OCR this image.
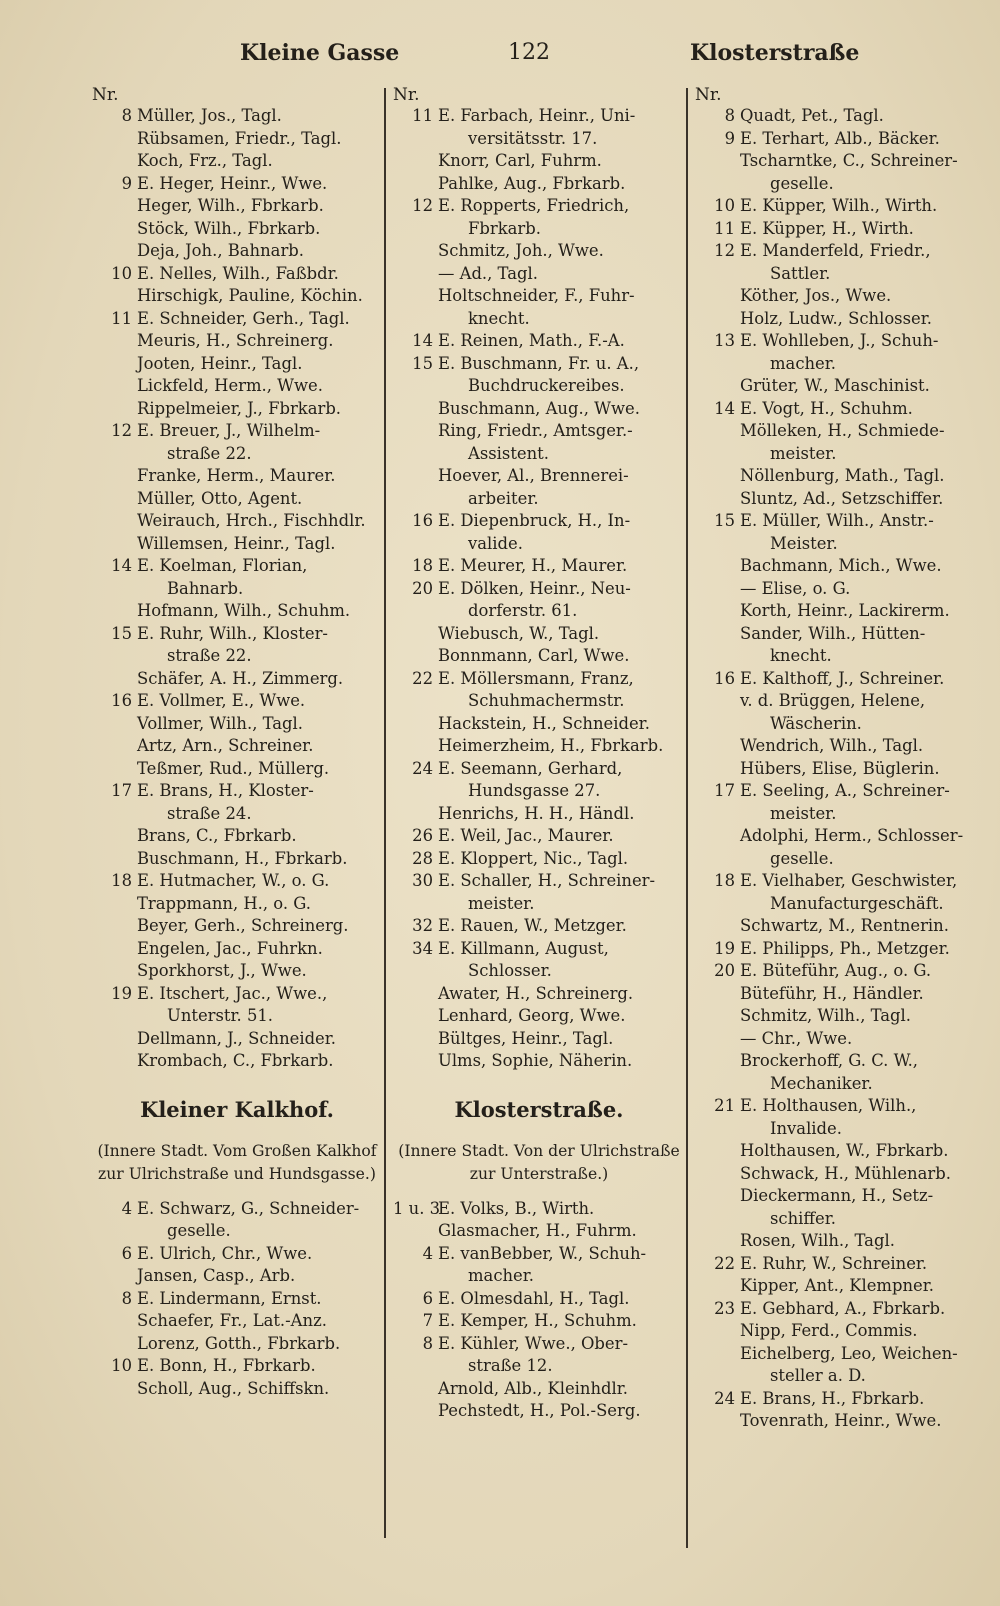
Kleine Gasse	122	Klosterstraße
Nr.
8 Müller, Jos., Tagl.
Rübsamen, Friedr., Tagl.
Koch, Frz., Tagl.
9 E. Heger, Heinr., Wwe.
Heger, Wilh., Fbrkarb.
Stöck, Wilh., Fbrkarb.
Deja, Joh., Bahnarb.
10 E. Nelles, Wilh., Faßbdr.
Hirschigk, Pauline, Köchin.
11 E. Schneider, Gerh., Tagl.
Meuris, H., Schreinerg.
Jooten, Heinr., Tagl.
Lickfeld, Herm., Wwe.
Rippelmeier, J., Fbrkarb.
12 E. Breuer, J., Wilhelm-
straße 22.
Franke, Herm., Maurer.
Müller, Otto, Agent.
Weirauch, Hrch., Fischhdlr.
Willemsen, Heinr., Tagl.
14 E. Koelman, Florian,
Bahnarb.
Hofmann, Wilh., Schuhm.
15 E. Ruhr, Wilh., Kloster-
straße 22.
Schäfer, A. H., Zimmerg.
16 E. Vollmer, E., Wwe.
Vollmer, Wilh., Tagl.
Artz, Arn., Schreiner.
Teßmer, Rud., Müllerg.
17 E. Brans, H., Kloster-
straße 24.
Brans, C., Fbrkarb.
Buschmann, H., Fbrkarb.
18 E. Hutmacher, W., o. G.
Trappmann, H., o. G.
Beyer, Gerh., Schreinerg.
Engelen, Jac., Fuhrkn.
Sporkhorst, J., Wwe.
19 E. Itschert, Jac., Wwe.,
Unterstr. 51.
Dellmann, J., Schneider.
Krombach, C., Fbrkarb.
Kleiner Kalkhof.
(Innere Stadt. Vom Großen Kalkhof zur Ulrichstraße und Hundsgasse.)
4 E. Schwarz, G., Schneider-
geselle.
6 E. Ulrich, Chr., Wwe.
Jansen, Casp., Arb.
8 E. Lindermann, Ernst.
Schaefer, Fr., Lat.-Anz.
Lorenz, Gotth., Fbrkarb.
10 E. Bonn, H., Fbrkarb.
Scholl, Aug., Schiffskn.
Nr.
11 E. Farbach, Heinr., Uni-
versitätsstr. 17.
Knorr, Carl, Fuhrm.
Pahlke, Aug., Fbrkarb.
12 E. Ropperts, Friedrich,
Fbrkarb.
Schmitz, Joh., Wwe.
— Ad., Tagl.
Holtschneider, F., Fuhr-
knecht.
14 E. Reinen, Math., F.-A.
15 E. Buschmann, Fr. u. A.,
Buchdruckereibes.
Buschmann, Aug., Wwe.
Ring, Friedr., Amtsger.-
Assistent.
Hoever, Al., Brennerei-
arbeiter.
16 E. Diepenbruck, H., In-
valide.
18 E. Meurer, H., Maurer.
20 E. Dölken, Heinr., Neu-
dorferstr. 61.
Wiebusch, W., Tagl.
Bonnmann, Carl, Wwe.
22 E. Möllersmann, Franz,
Schuhmachermstr.
Hackstein, H., Schneider.
Heimerzheim, H., Fbrkarb.
24 E. Seemann, Gerhard,
Hundsgasse 27.
Henrichs, H. H., Händl.
26 E. Weil, Jac., Maurer.
28 E. Kloppert, Nic., Tagl.
30 E. Schaller, H., Schreiner-
meister.
32 E. Rauen, W., Metzger.
34 E. Killmann, August,
Schlosser.
Awater, H., Schreinerg.
Lenhard, Georg, Wwe.
Bültges, Heinr., Tagl.
Ulms, Sophie, Näherin.
Klosterstraße.
(Innere Stadt. Von der Ulrichstraße zur Unterstraße.)
1 u. 3E. Volks, B., Wirth.
Glasmacher, H., Fuhrm.
4 E. vanBebber, W., Schuh-
macher.
6 E. Olmesdahl, H., Tagl.
7 E. Kemper, H., Schuhm.
8 E. Kühler, Wwe., Ober-
straße 12.
Arnold, Alb., Kleinhdlr.
Pechstedt, H., Pol.-Serg.
Nr.
8 Quadt, Pet., Tagl.
9 E. Terhart, Alb., Bäcker.
Tscharntke, C., Schreiner-
geselle.
10 E. Küpper, Wilh., Wirth.
11 E. Küpper, H., Wirth.
12 E. Manderfeld, Friedr.,
Sattler.
Köther, Jos., Wwe.
Holz, Ludw., Schlosser.
13 E. Wohlleben, J., Schuh-
macher.
Grüter, W., Maschinist.
14 E. Vogt, H., Schuhm.
Mölleken, H., Schmiede-
meister.
Nöllenburg, Math., Tagl.
Sluntz, Ad., Setzschiffer.
15 E. Müller, Wilh., Anstr.-
Meister.
Bachmann, Mich., Wwe.
— Elise, o. G.
Korth, Heinr., Lackirerm.
Sander, Wilh., Hütten-
knecht.
16 E. Kalthoff, J., Schreiner.
v. d. Brüggen, Helene,
Wäscherin.
Wendrich, Wilh., Tagl.
Hübers, Elise, Büglerin.
17 E. Seeling, A., Schreiner-
meister.
Adolphi, Herm., Schlosser-
geselle.
18 E. Vielhaber, Geschwister,
Manufacturgeschäft.
Schwartz, M., Rentnerin.
19 E. Philipps, Ph., Metzger.
20 E. Büteführ, Aug., o. G.
Büteführ, H., Händler.
Schmitz, Wilh., Tagl.
— Chr., Wwe.
Brockerhoff, G. C. W.,
Mechaniker.
21 E. Holthausen, Wilh.,
Invalide.
Holthausen, W., Fbrkarb.
Schwack, H., Mühlenarb.
Dieckermann, H., Setz-
schiffer.
Rosen, Wilh., Tagl.
22 E. Ruhr, W., Schreiner.
Kipper, Ant., Klempner.
23 E. Gebhard, A., Fbrkarb.
Nipp, Ferd., Commis.
Eichelberg, Leo, Weichen-
steller a. D.
24 E. Brans, H., Fbrkarb.
Tovenrath, Heinr., Wwe.
